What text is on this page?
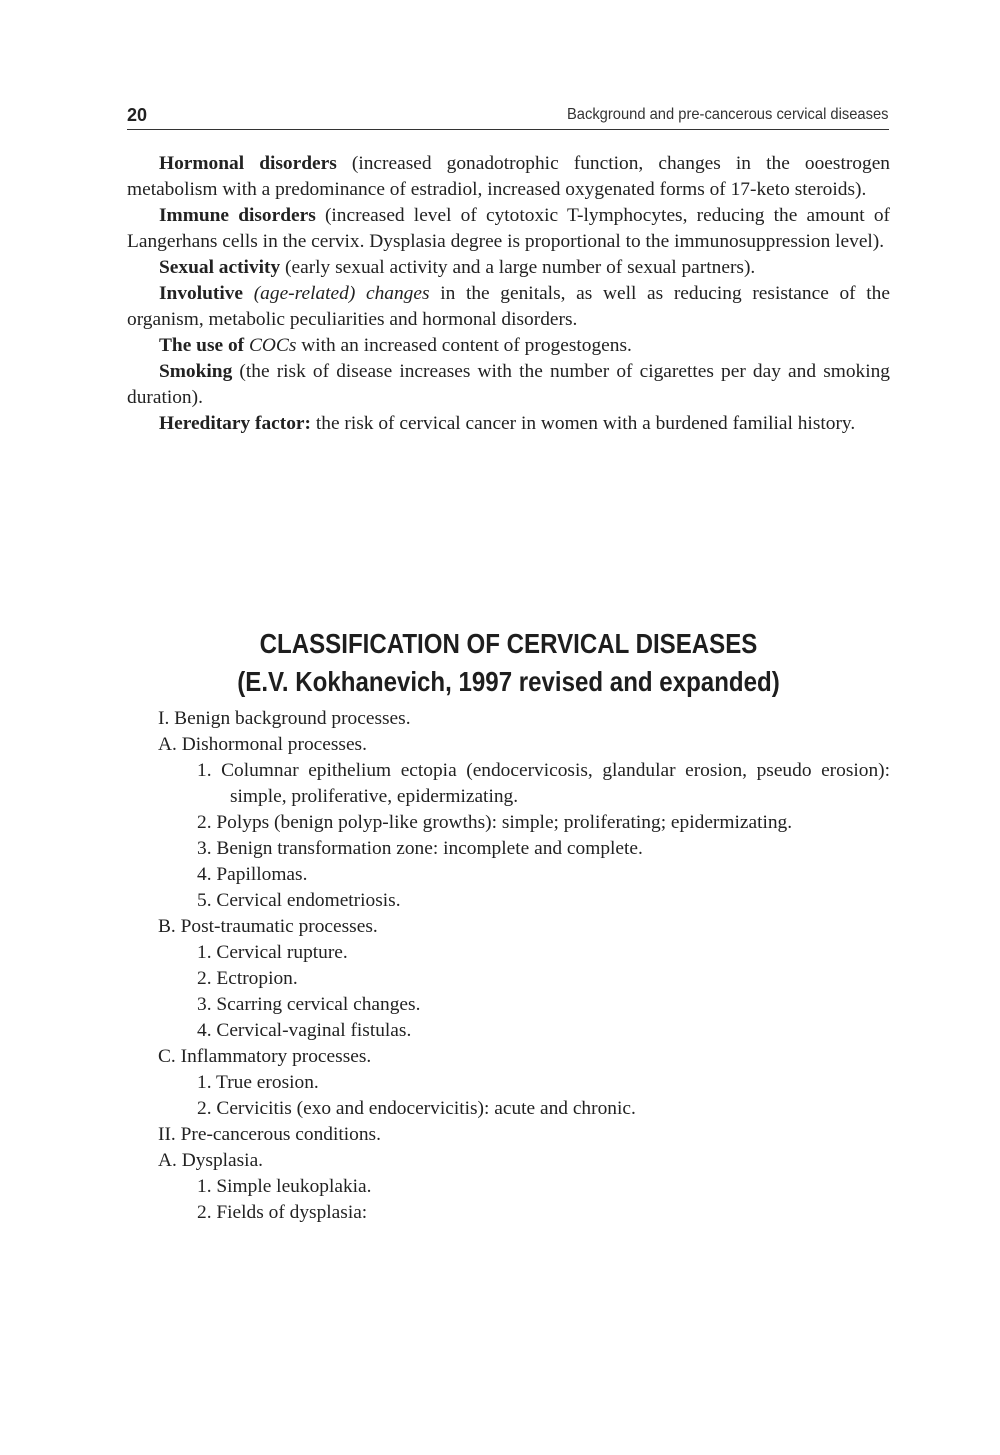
20	Background and pre-cancerous cervical diseases

Hormonal disorders (increased gonadotrophic function, changes in the ooestrogen metabolism with a predominance of estradiol, increased oxygenated forms of 17-keto steroids).

Immune disorders (increased level of cytotoxic T-lymphocytes, reducing the amount of Langerhans cells in the cervix. Dysplasia degree is proportional to the immunosuppression level).

Sexual activity (early sexual activity and a large number of sexual partners).

Involutive (age-related) changes in the genitals, as well as reducing resistance of the organism, metabolic peculiarities and hormonal disorders.

The use of COCs with an increased content of progestogens.

Smoking (the risk of disease increases with the number of cigarettes per day and smoking duration).

Hereditary factor: the risk of cervical cancer in women with a burdened familial history.

CLASSIFICATION OF CERVICAL DISEASES
(E.V. Kokhanevich, 1997 revised and expanded)

I. Benign background processes.

A. Dishormonal processes.

1. Columnar epithelium ectopia (endocervicosis, glandular erosion, pseudo erosion): simple, proliferative, epidermizating.

2. Polyps (benign polyp-like growths): simple; proliferating; epidermizating.

3. Benign transformation zone: incomplete and complete.

4. Papillomas.

5. Cervical endometriosis.

B. Post-traumatic processes.

1. Cervical rupture.

2. Ectropion.

3. Scarring cervical changes.

4. Cervical-vaginal fistulas.

C. Inflammatory processes.

1. True erosion.

2. Cervicitis (exo and endocervicitis): acute and chronic.

II. Pre-cancerous conditions.

A. Dysplasia.

1. Simple leukoplakia.

2. Fields of dysplasia:
